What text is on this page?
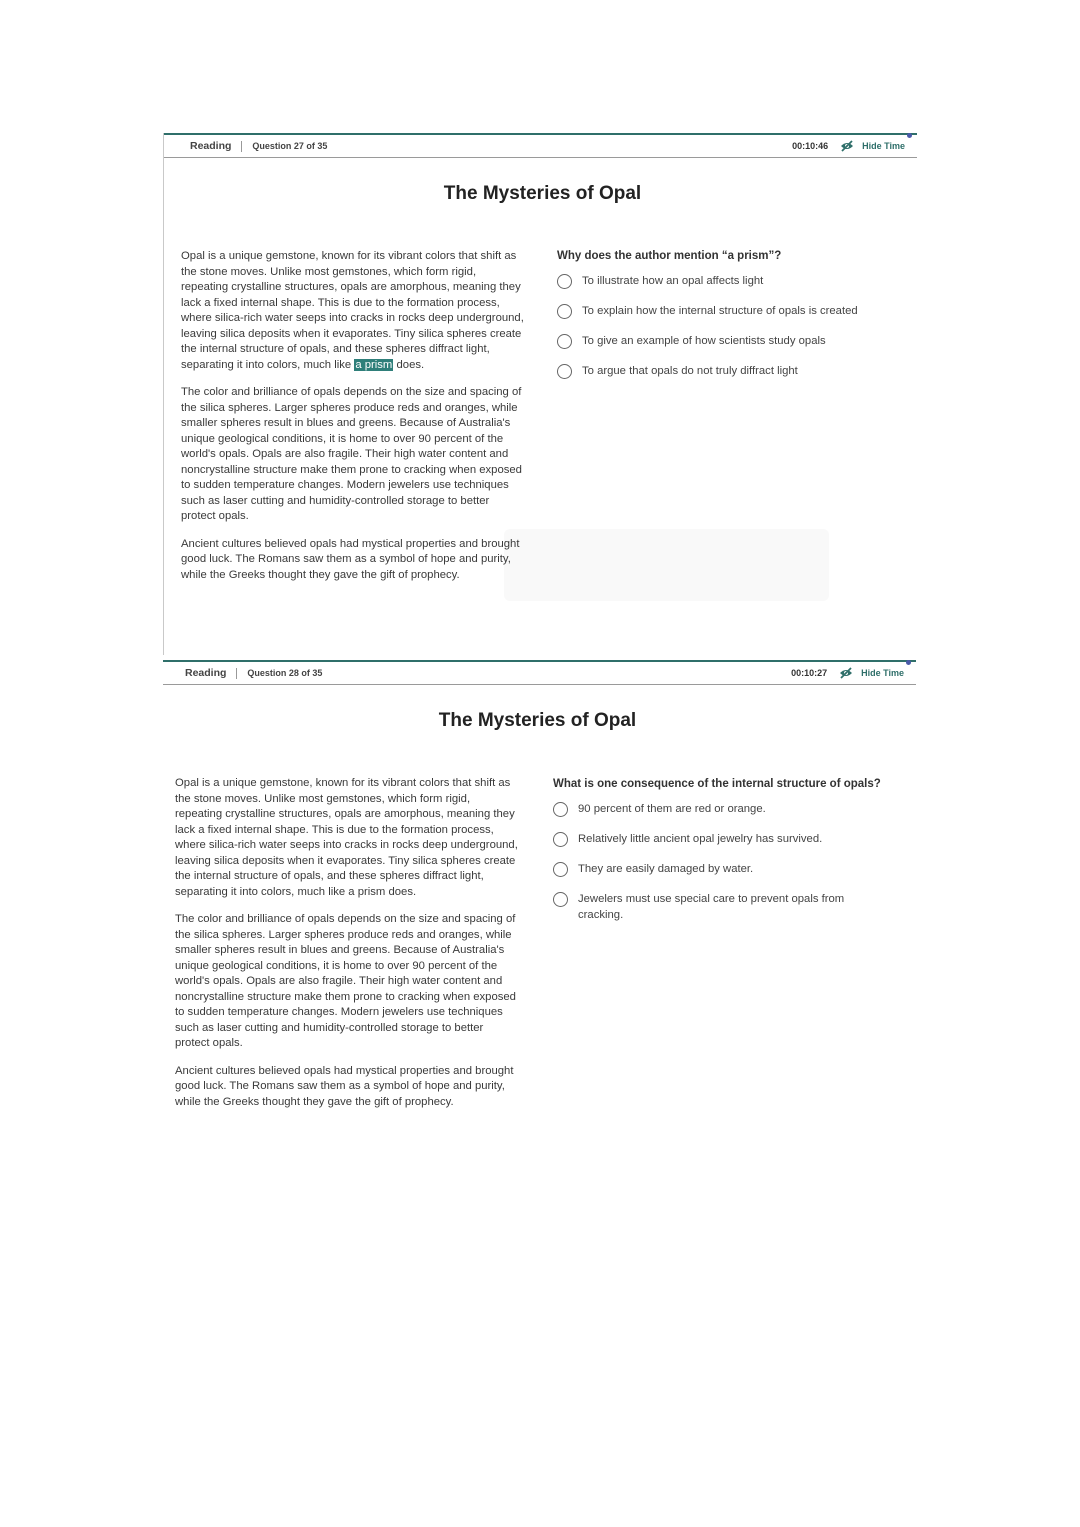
Reading Question 27 of 35	00:10:46	Hide Time
The Mysteries of Opal

Opal is a unique gemstone, known for its vibrant colors that shift as the stone moves. Unlike most gemstones, which form rigid, repeating crystalline structures, opals are amorphous, meaning they lack a fixed internal shape. This is due to the formation process, where silica-rich water seeps into cracks in rocks deep underground, leaving silica deposits when it evaporates. Tiny silica spheres create the internal structure of opals, and these spheres diffract light, separating it into colors, much like a prism does.

The color and brilliance of opals depends on the size and spacing of the silica spheres. Larger spheres produce reds and oranges, while smaller spheres result in blues and greens. Because of Australia's unique geological conditions, it is home to over 90 percent of the world's opals. Opals are also fragile. Their high water content and noncrystalline structure make them prone to cracking when exposed to sudden temperature changes. Modern jewelers use techniques such as laser cutting and humidity-controlled storage to better protect opals.

Ancient cultures believed opals had mystical properties and brought good luck. The Romans saw them as a symbol of hope and purity, while the Greeks thought they gave the gift of prophecy.

Why does the author mention “a prism”?
To illustrate how an opal affects light
To explain how the internal structure of opals is created
To give an example of how scientists study opals
To argue that opals do not truly diffract light
Reading Question 28 of 35	00:10:27	Hide Time
The Mysteries of Opal

Opal is a unique gemstone, known for its vibrant colors that shift as the stone moves. Unlike most gemstones, which form rigid, repeating crystalline structures, opals are amorphous, meaning they lack a fixed internal shape. This is due to the formation process, where silica-rich water seeps into cracks in rocks deep underground, leaving silica deposits when it evaporates. Tiny silica spheres create the internal structure of opals, and these spheres diffract light, separating it into colors, much like a prism does.

The color and brilliance of opals depends on the size and spacing of the silica spheres. Larger spheres produce reds and oranges, while smaller spheres result in blues and greens. Because of Australia's unique geological conditions, it is home to over 90 percent of the world's opals. Opals are also fragile. Their high water content and noncrystalline structure make them prone to cracking when exposed to sudden temperature changes. Modern jewelers use techniques such as laser cutting and humidity-controlled storage to better protect opals.

Ancient cultures believed opals had mystical properties and brought good luck. The Romans saw them as a symbol of hope and purity, while the Greeks thought they gave the gift of prophecy.

What is one consequence of the internal structure of opals?
90 percent of them are red or orange.
Relatively little ancient opal jewelry has survived.
They are easily damaged by water.
Jewelers must use special care to prevent opals from cracking.
